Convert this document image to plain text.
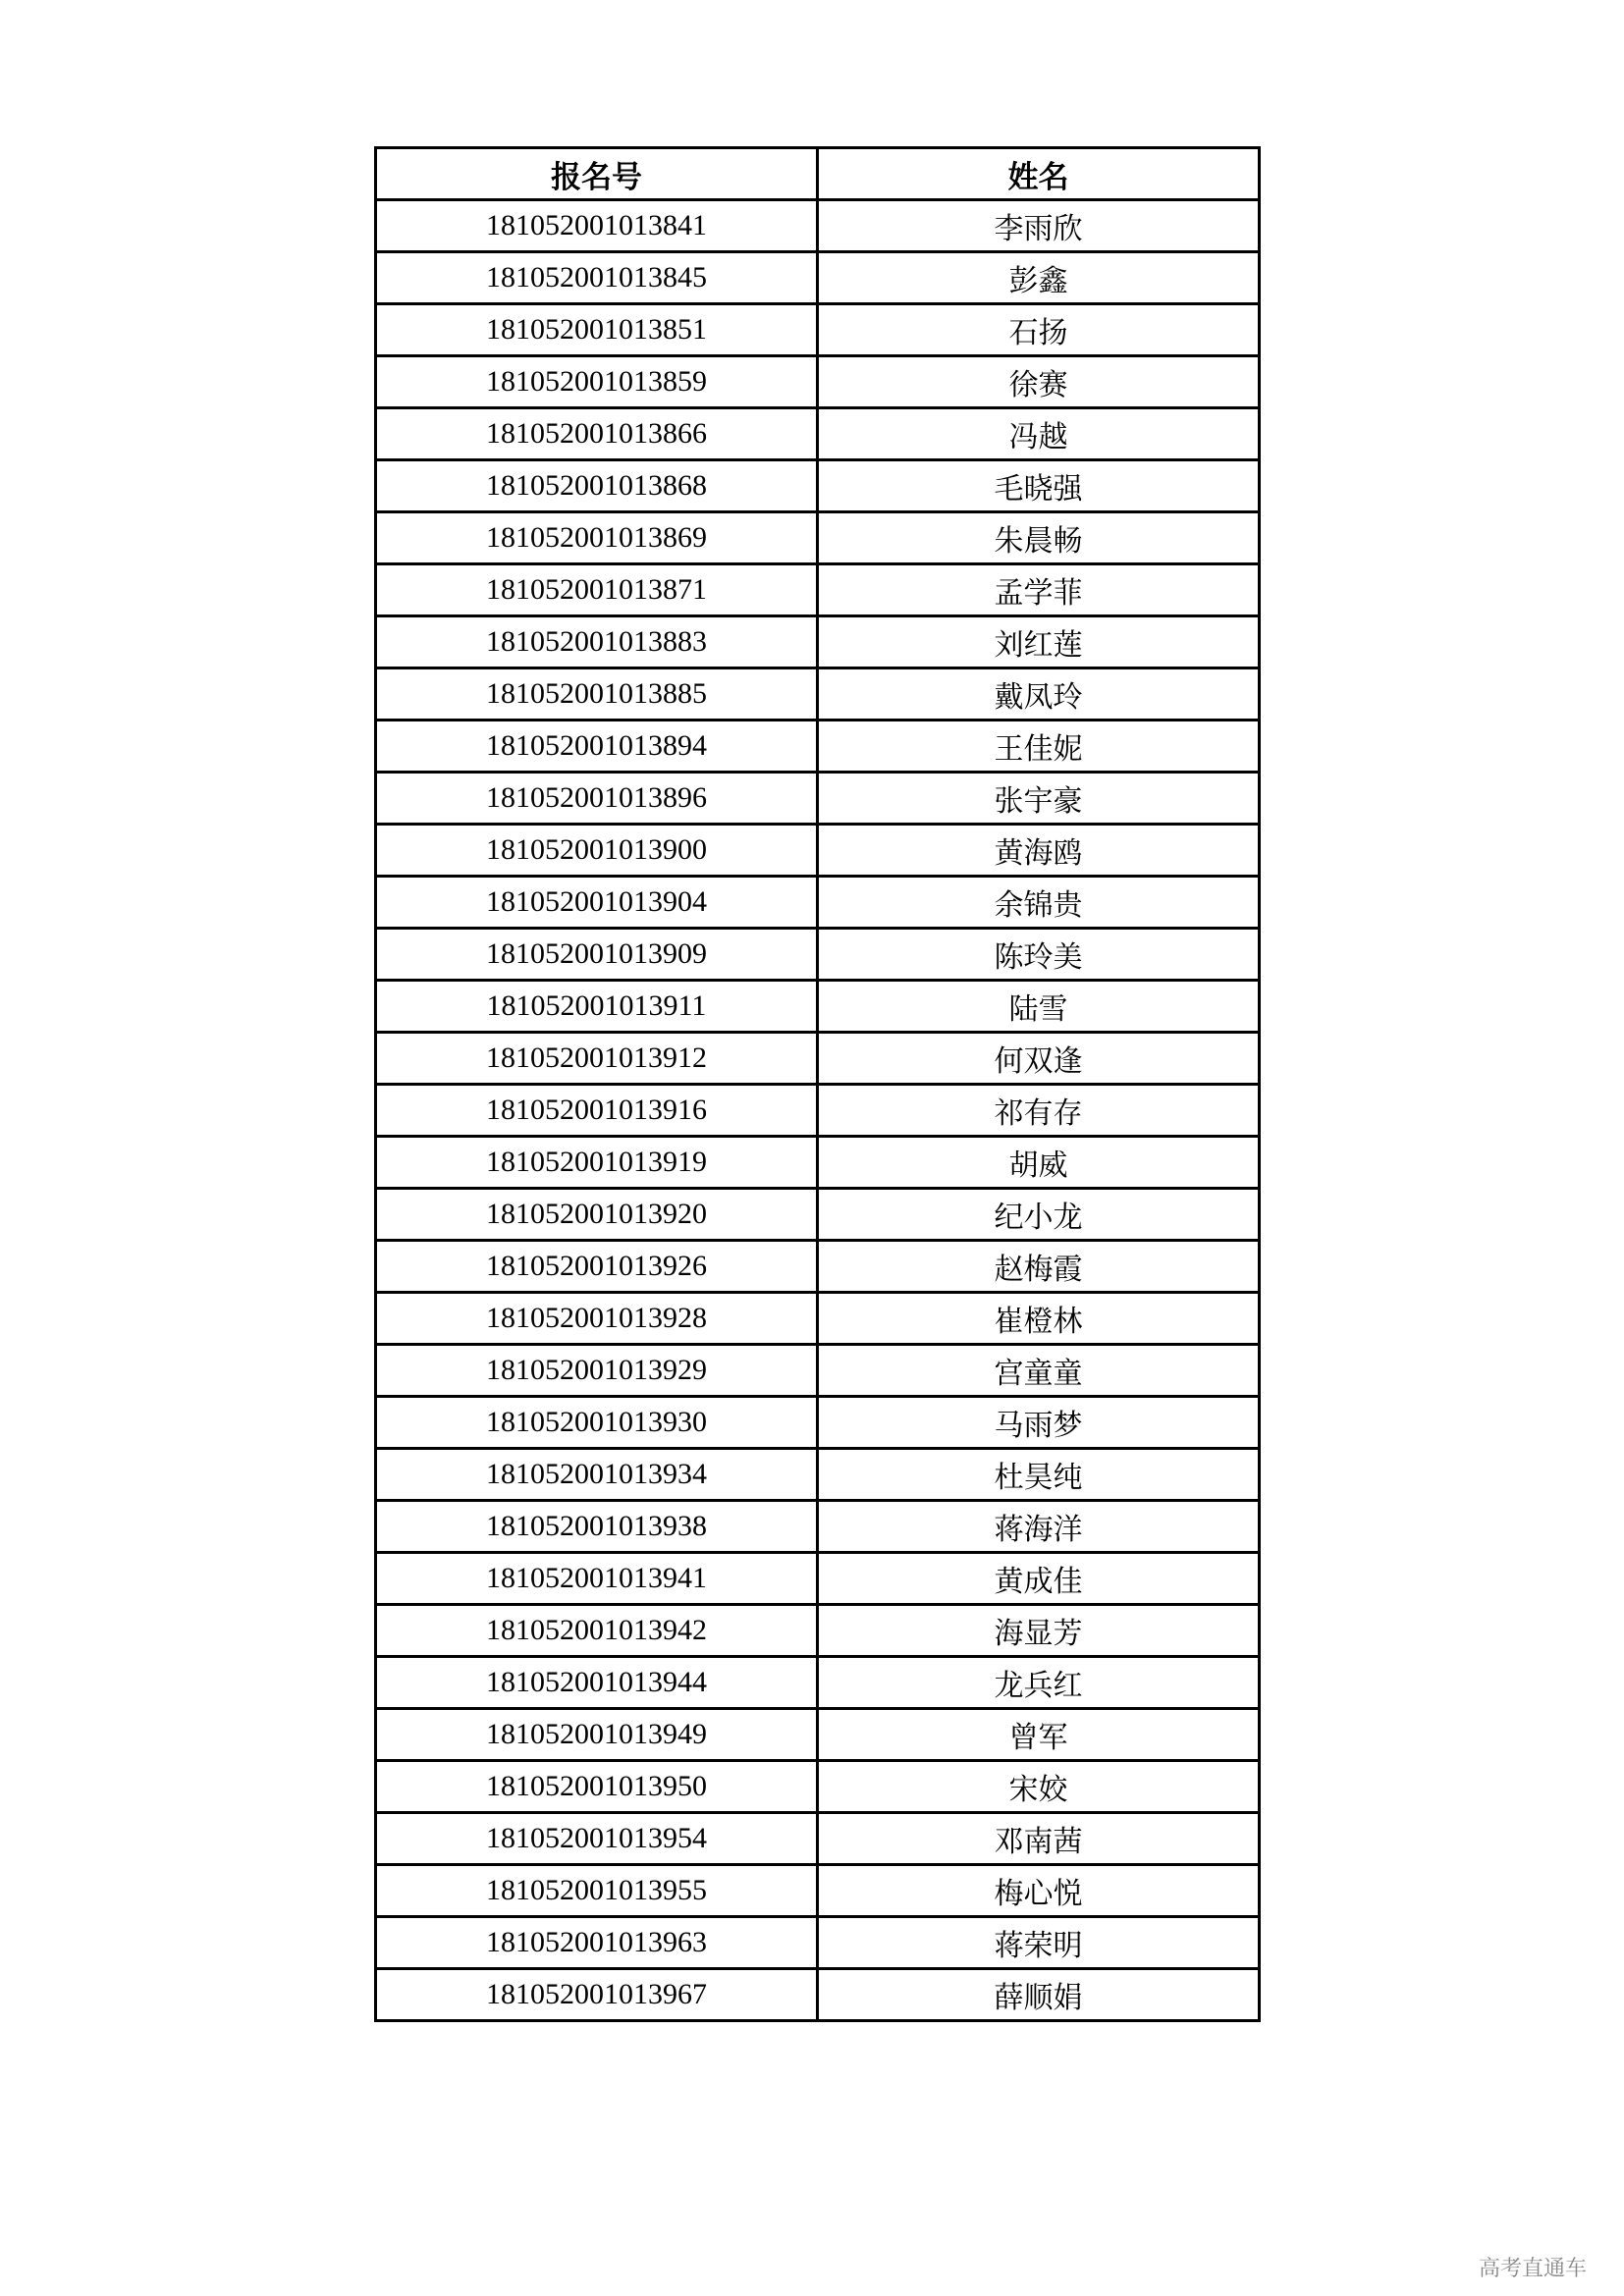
报名号	姓名
181052001013841	李雨欣
181052001013845	彭鑫
181052001013851	石扬
181052001013859	徐赛
181052001013866	冯越
181052001013868	毛晓强
181052001013869	朱晨畅
181052001013871	孟学菲
181052001013883	刘红莲
181052001013885	戴凤玲
181052001013894	王佳妮
181052001013896	张宇豪
181052001013900	黄海鸥
181052001013904	余锦贵
181052001013909	陈玲美
181052001013911	陆雪
181052001013912	何双逢
181052001013916	祁有存
181052001013919	胡威
181052001013920	纪小龙
181052001013926	赵梅霞
181052001013928	崔橙林
181052001013929	宫童童
181052001013930	马雨梦
181052001013934	杜昊纯
181052001013938	蒋海洋
181052001013941	黄成佳
181052001013942	海显芳
181052001013944	龙兵红
181052001013949	曾军
181052001013950	宋姣
181052001013954	邓南茜
181052001013955	梅心悦
181052001013963	蒋荣明
181052001013967	薛顺娟
高考直通车
